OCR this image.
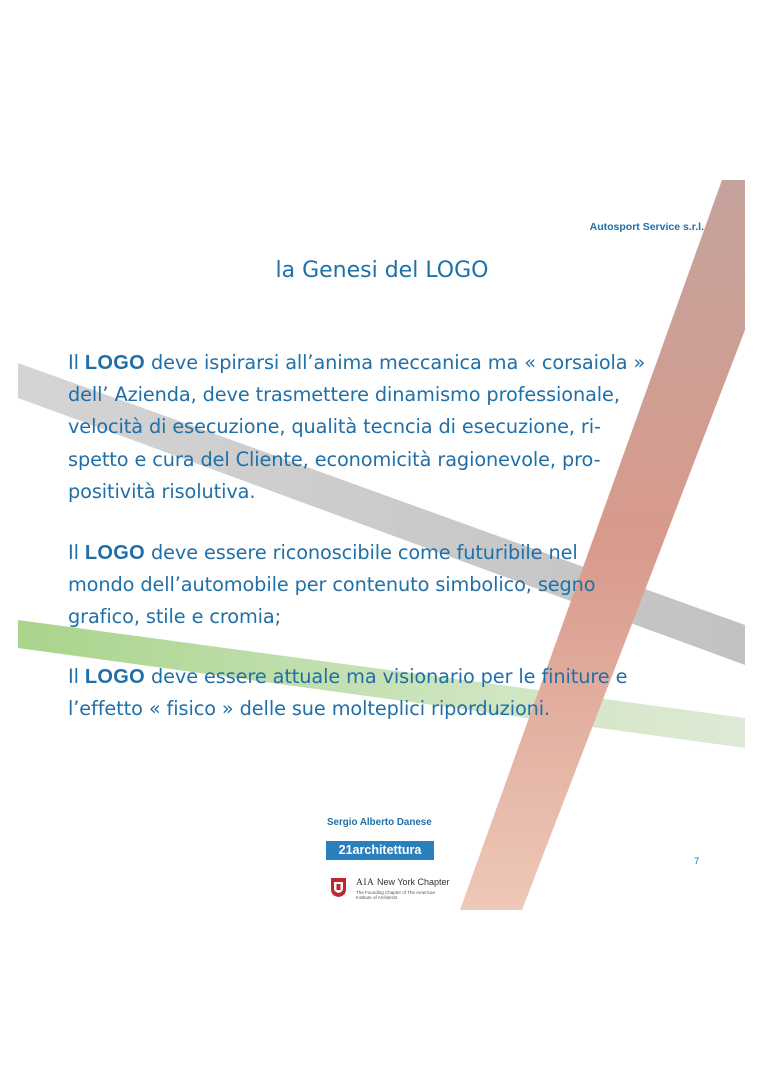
Autosport Service s.r.l.
la Genesi del LOGO
Il LOGO deve ispirarsi all’anima meccanica ma « corsaiola »
dell’ Azienda, deve trasmettere dinamismo professionale,
velocità di esecuzione, qualità tecncia di esecuzione, ri-
spetto e cura del Cliente, economicità ragionevole, pro-
positività risolutiva.
Il LOGO deve essere riconoscibile come futuribile nel
mondo dell’automobile per contenuto simbolico, segno
grafico, stile e cromia;
Il LOGO deve essere attuale ma visionario per le finiture e
l’effetto « fisico » delle sue molteplici riporduzioni.
Sergio Alberto Danese
21architettura
AIA New York Chapter
The Founding Chapter of The American Institute of Architects
7
